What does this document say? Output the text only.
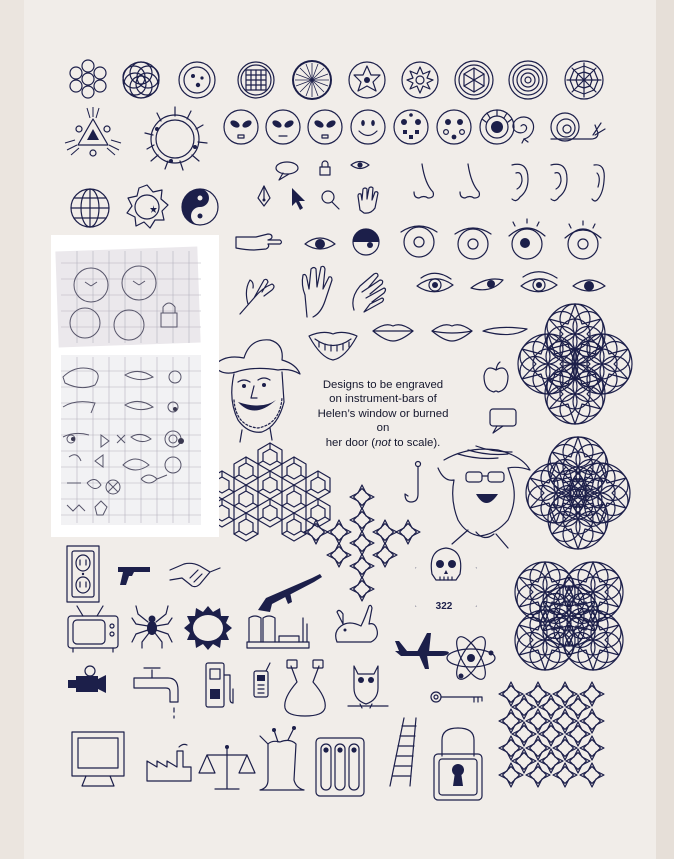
Designs to be engraved
on instrument-bars of
Helen’s window or burned on
her door (not to scale).
322
